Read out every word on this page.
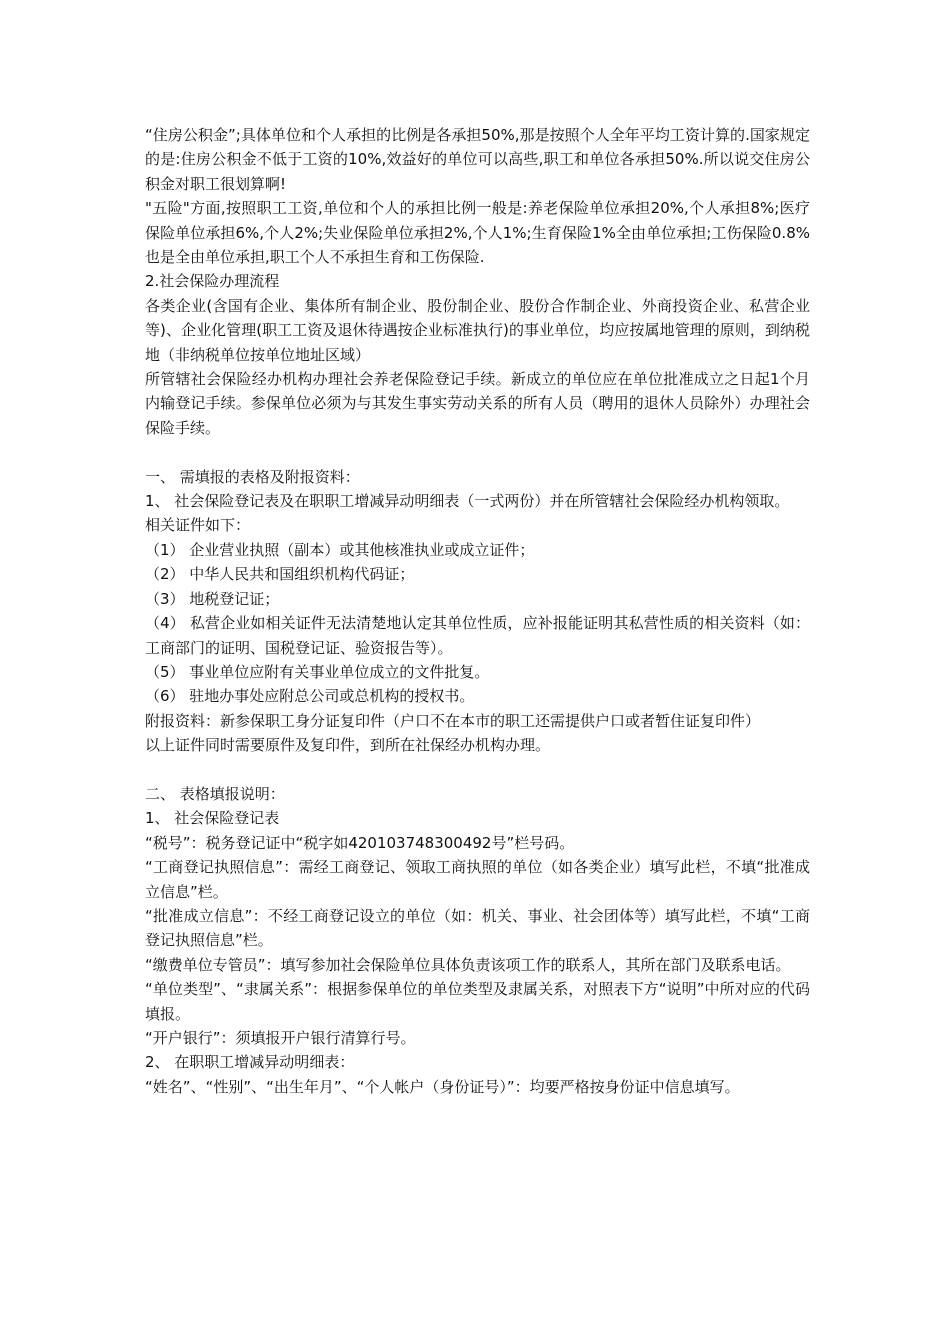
“住房公积金”;具体单位和个人承担的比例是各承担50%,那是按照个人全年平均工资计算的.国家规定的是:住房公积金不低于工资的10%,效益好的单位可以高些,职工和单位各承担50%.所以说交住房公积金对职工很划算啊!

"五险"方面,按照职工工资,单位和个人的承担比例一般是:养老保险单位承担20%,个人承担8%;医疗保险单位承担6%,个人2%;失业保险单位承担2%,个人1%;生育保险1%全由单位承担;工伤保险0.8%也是全由单位承担,职工个人不承担生育和工伤保险.

2.社会保险办理流程

各类企业(含国有企业、集体所有制企业、股份制企业、股份合作制企业、外商投资企业、私营企业等)、企业化管理(职工工资及退休待遇按企业标准执行)的事业单位，均应按属地管理的原则，到纳税地（非纳税单位按单位地址区域）

所管辖社会保险经办机构办理社会养老保险登记手续。新成立的单位应在单位批准成立之日起1个月内输登记手续。参保单位必须为与其发生事实劳动关系的所有人员（聘用的退休人员除外）办理社会保险手续。

一、 需填报的表格及附报资料：

1、 社会保险登记表及在职职工增减异动明细表（一式两份）并在所管辖社会保险经办机构领取。

相关证件如下：

（1） 企业营业执照（副本）或其他核准执业或成立证件；

（2） 中华人民共和国组织机构代码证；

（3） 地税登记证；

（4） 私营企业如相关证件无法清楚地认定其单位性质，应补报能证明其私营性质的相关资料（如：工商部门的证明、国税登记证、验资报告等）。

（5） 事业单位应附有关事业单位成立的文件批复。

（6） 驻地办事处应附总公司或总机构的授权书。

附报资料：新参保职工身分证复印件（户口不在本市的职工还需提供户口或者暂住证复印件）

以上证件同时需要原件及复印件，到所在社保经办机构办理。

二、 表格填报说明：

1、 社会保险登记表

“税号”：税务登记证中“税字如420103748300492号”栏号码。

“工商登记执照信息”：需经工商登记、领取工商执照的单位（如各类企业）填写此栏，不填“批准成立信息”栏。

“批准成立信息”：不经工商登记设立的单位（如：机关、事业、社会团体等）填写此栏，不填“工商登记执照信息”栏。

“缴费单位专管员”：填写参加社会保险单位具体负责该项工作的联系人，其所在部门及联系电话。

“单位类型”、“隶属关系”：根据参保单位的单位类型及隶属关系，对照表下方“说明”中所对应的代码填报。

“开户银行”：须填报开户银行清算行号。

2、 在职职工增减异动明细表：

“姓名”、“性别”、“出生年月”、“个人帐户（身份证号）”：均要严格按身份证中信息填写。
